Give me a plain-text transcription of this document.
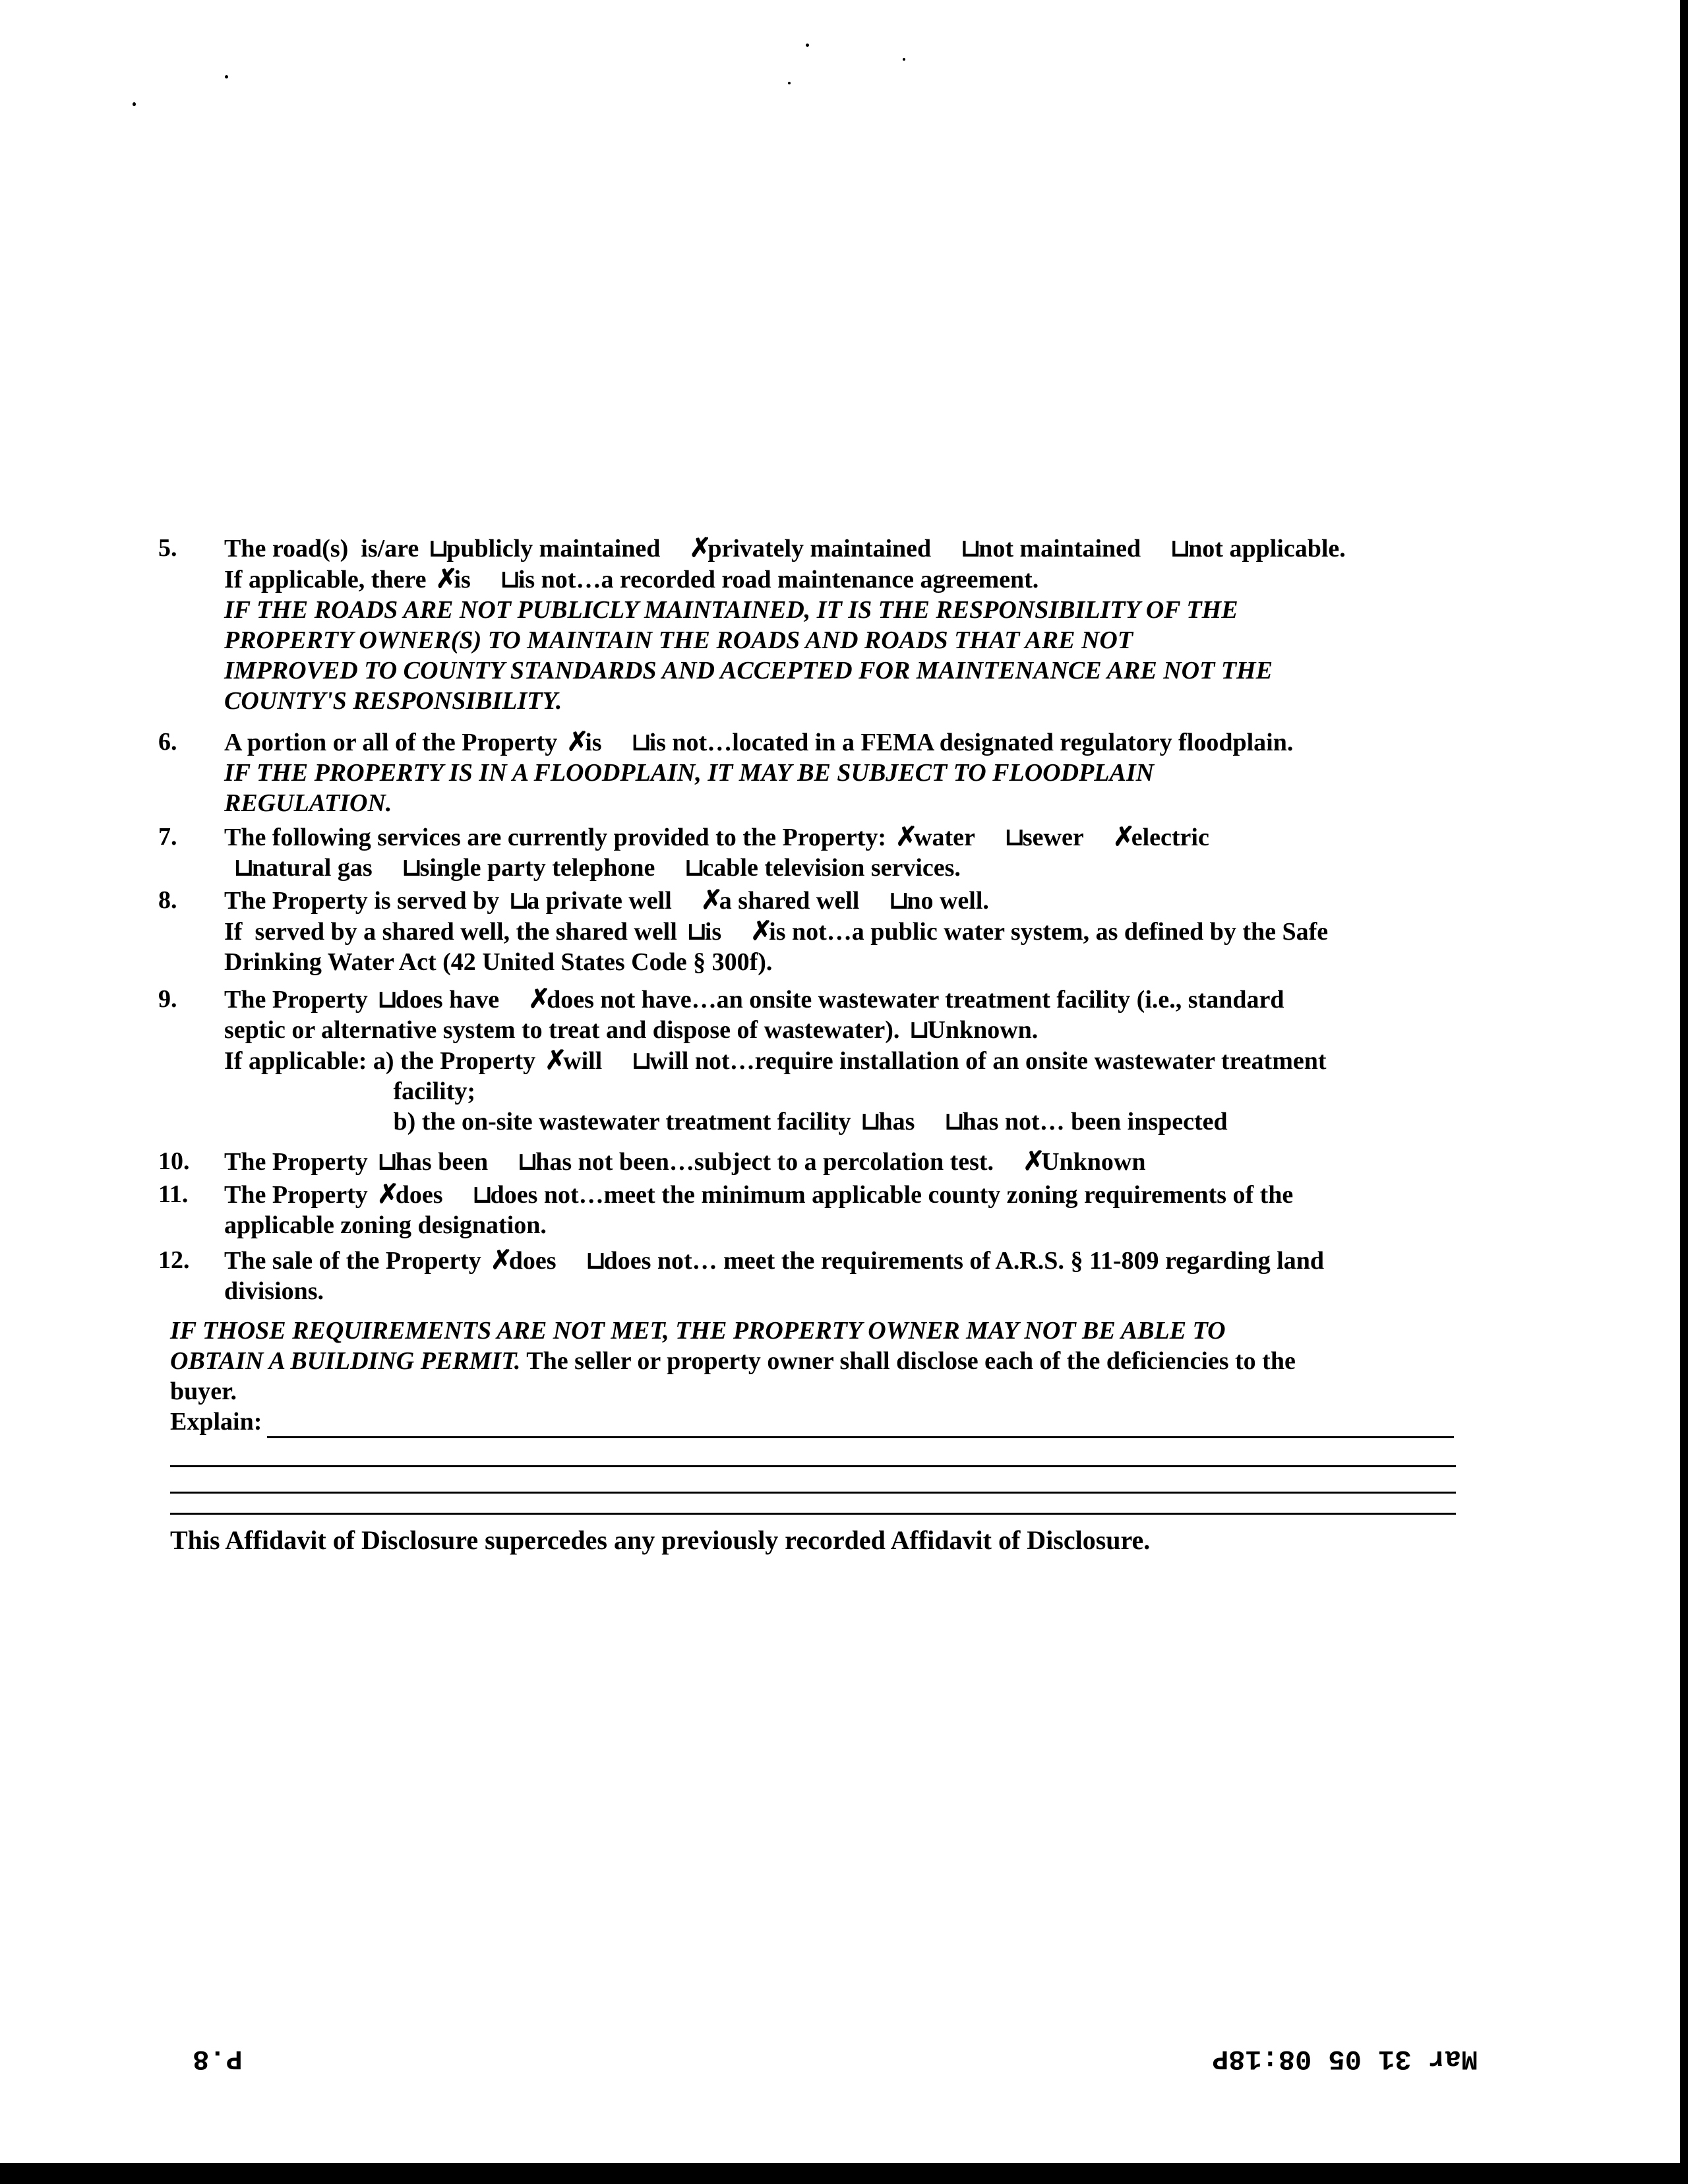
5.	The road(s)  is/are ⊔publicly maintained ✗privately maintained ⊔not maintained ⊔not applicable.
If applicable, there ✗is ⊔is not…a recorded road maintenance agreement.
IF THE ROADS ARE NOT PUBLICLY MAINTAINED, IT IS THE RESPONSIBILITY OF THE
PROPERTY OWNER(S) TO MAINTAIN THE ROADS AND ROADS THAT ARE NOT
IMPROVED TO COUNTY STANDARDS AND ACCEPTED FOR MAINTENANCE ARE NOT THE
COUNTY'S RESPONSIBILITY.
6.	A portion or all of the Property ✗is ⊔is not…located in a FEMA designated regulatory floodplain.
IF THE PROPERTY IS IN A FLOODPLAIN, IT MAY BE SUBJECT TO FLOODPLAIN
REGULATION.
7.	The following services are currently provided to the Property: ✗water ⊔sewer ✗electric
⊔natural gas ⊔single party telephone ⊔cable television services.
8.	The Property is served by ⊔a private well ✗a shared well ⊔no well.
If  served by a shared well, the shared well ⊔is ✗is not…a public water system, as defined by the Safe
Drinking Water Act (42 United States Code § 300f).
9.	The Property ⊔does have ✗does not have…an onsite wastewater treatment facility (i.e., standard
septic or alternative system to treat and dispose of wastewater). ⊔Unknown.
If applicable: a) the Property ✗will ⊔will not…require installation of an onsite wastewater treatment
facility;
b) the on-site wastewater treatment facility ⊔has ⊔has not… been inspected
10.	The Property ⊔has been ⊔has not been…subject to a percolation test. ✗Unknown
11.	The Property ✗does ⊔does not…meet the minimum applicable county zoning requirements of the
applicable zoning designation.
12.	The sale of the Property ✗does ⊔does not… meet the requirements of A.R.S. § 11-809 regarding land
divisions.
IF THOSE REQUIREMENTS ARE NOT MET, THE PROPERTY OWNER MAY NOT BE ABLE TO
OBTAIN A BUILDING PERMIT. The seller or property owner shall disclose each of the deficiencies to the
buyer.
Explain:
This Affidavit of Disclosure supercedes any previously recorded Affidavit of Disclosure.
P.8	Mar 31 05 08:18P
